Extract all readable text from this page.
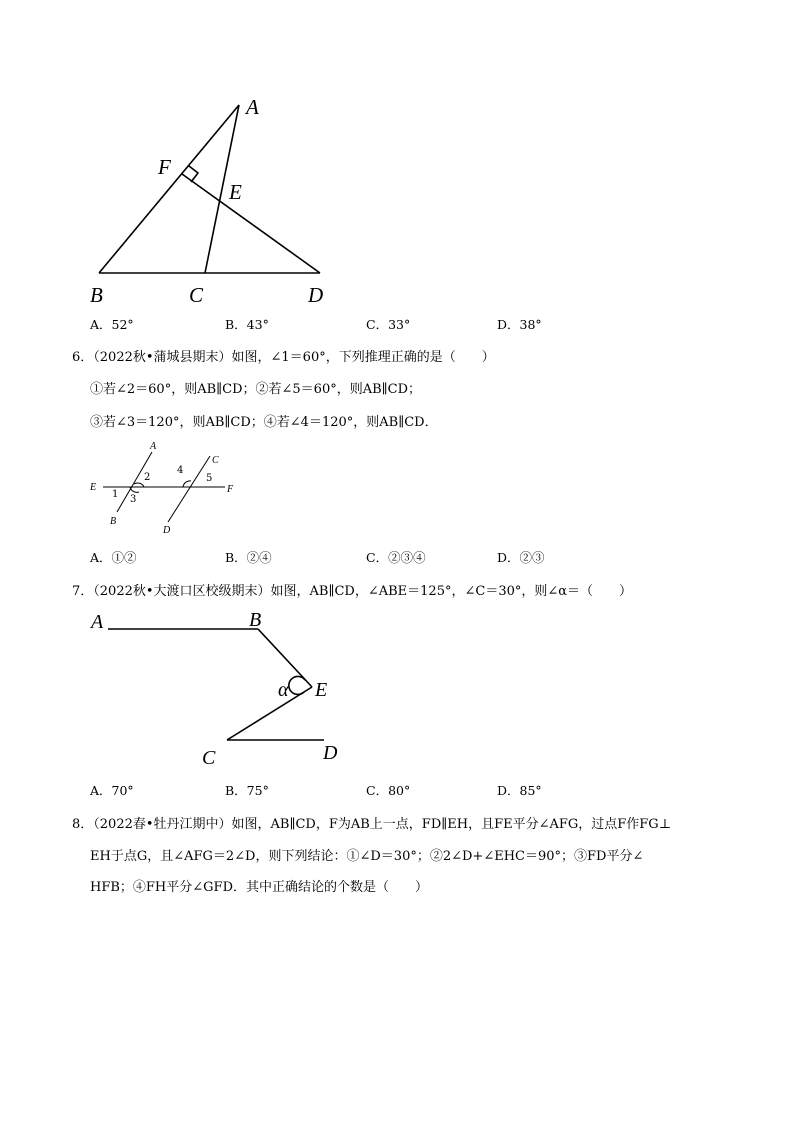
A
F
E
B	C	D
A．52°	B．43°	C．33°	D．38°
6．（2022秋•蒲城县期末）如图，∠1＝60°，下列推理正确的是（　　）
①若∠2＝60°，则AB∥CD；②若∠5＝60°，则AB∥CD；
③若∠3＝120°，则AB∥CD；④若∠4＝120°，则AB∥CD．
A
C
E	F
B
D
1
2
3
4
5
A．①②	B．②④	C．②③④	D．②③
7．（2022秋•大渡口区校级期末）如图，AB∥CD，∠ABE＝125°，∠C＝30°，则∠α＝（　　）
A	B
α E
C	D
A．70°	B．75°	C．80°	D．85°
8．（2022春•牡丹江期中）如图，AB∥CD，F为AB上一点，FD∥EH，且FE平分∠AFG，过点F作FG⊥
EH于点G，且∠AFG＝2∠D，则下列结论：①∠D＝30°；②2∠D+∠EHC＝90°；③FD平分∠
HFB；④FH平分∠GFD．其中正确结论的个数是（　　）
